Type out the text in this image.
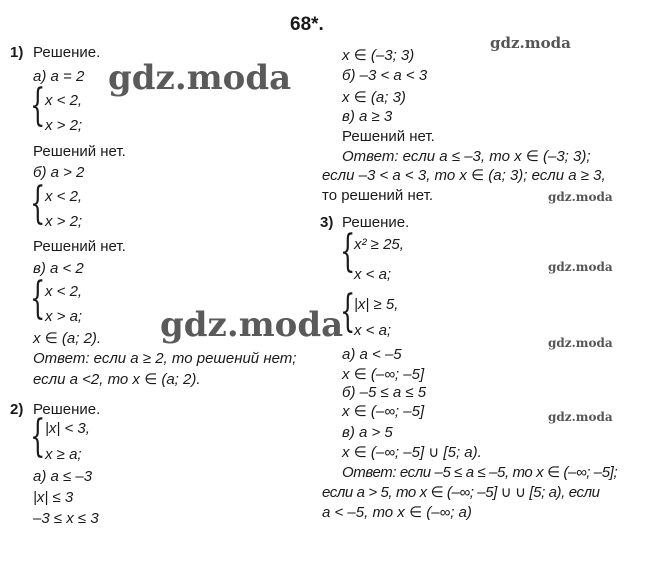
68*.
1) Решение.
а) a = 2
{ x < 2,
x > 2;
Решений нет.
б) a > 2
{ x < 2,
x > 2;
Решений нет.
в) a < 2
{ x < 2,
x > a;
x ∈ (a; 2).
Ответ: если a ≥ 2, то решений нет;
если a <2, то x ∈ (a; 2).
2) Решение.
{ |x| < 3,
x ≥ a;
а) a ≤ –3
|x| ≤ 3
–3 ≤ x ≤ 3
x ∈ (–3; 3)
б) –3 < a < 3
x ∈ (a; 3)
в) a ≥ 3
Решений нет.
Ответ: если a ≤ –3, то x ∈ (–3; 3);
если –3 < a < 3, то x ∈ (a; 3); если a ≥ 3,
то решений нет.
3) Решение.
{
x² ≥ 25,
x < a;
{
|x| ≥ 5,
x < a;
а) a < –5
x ∈ (–∞; –5]
б) –5 ≤ a ≤ 5
x ∈ (–∞; –5]
в) a > 5
x ∈ (–∞; –5] ∪ [5; a).
Ответ: если –5 ≤ a ≤ –5, то x ∈ (–∞; –5];
если a > 5, то x ∈ (–∞; –5] ∪ ∪ [5; a), если
a < –5, то x ∈ (–∞; a)
gdz.moda
gdz.moda
gdz.moda
gdz.moda
gdz.moda	gdz.moda
gdz.moda
